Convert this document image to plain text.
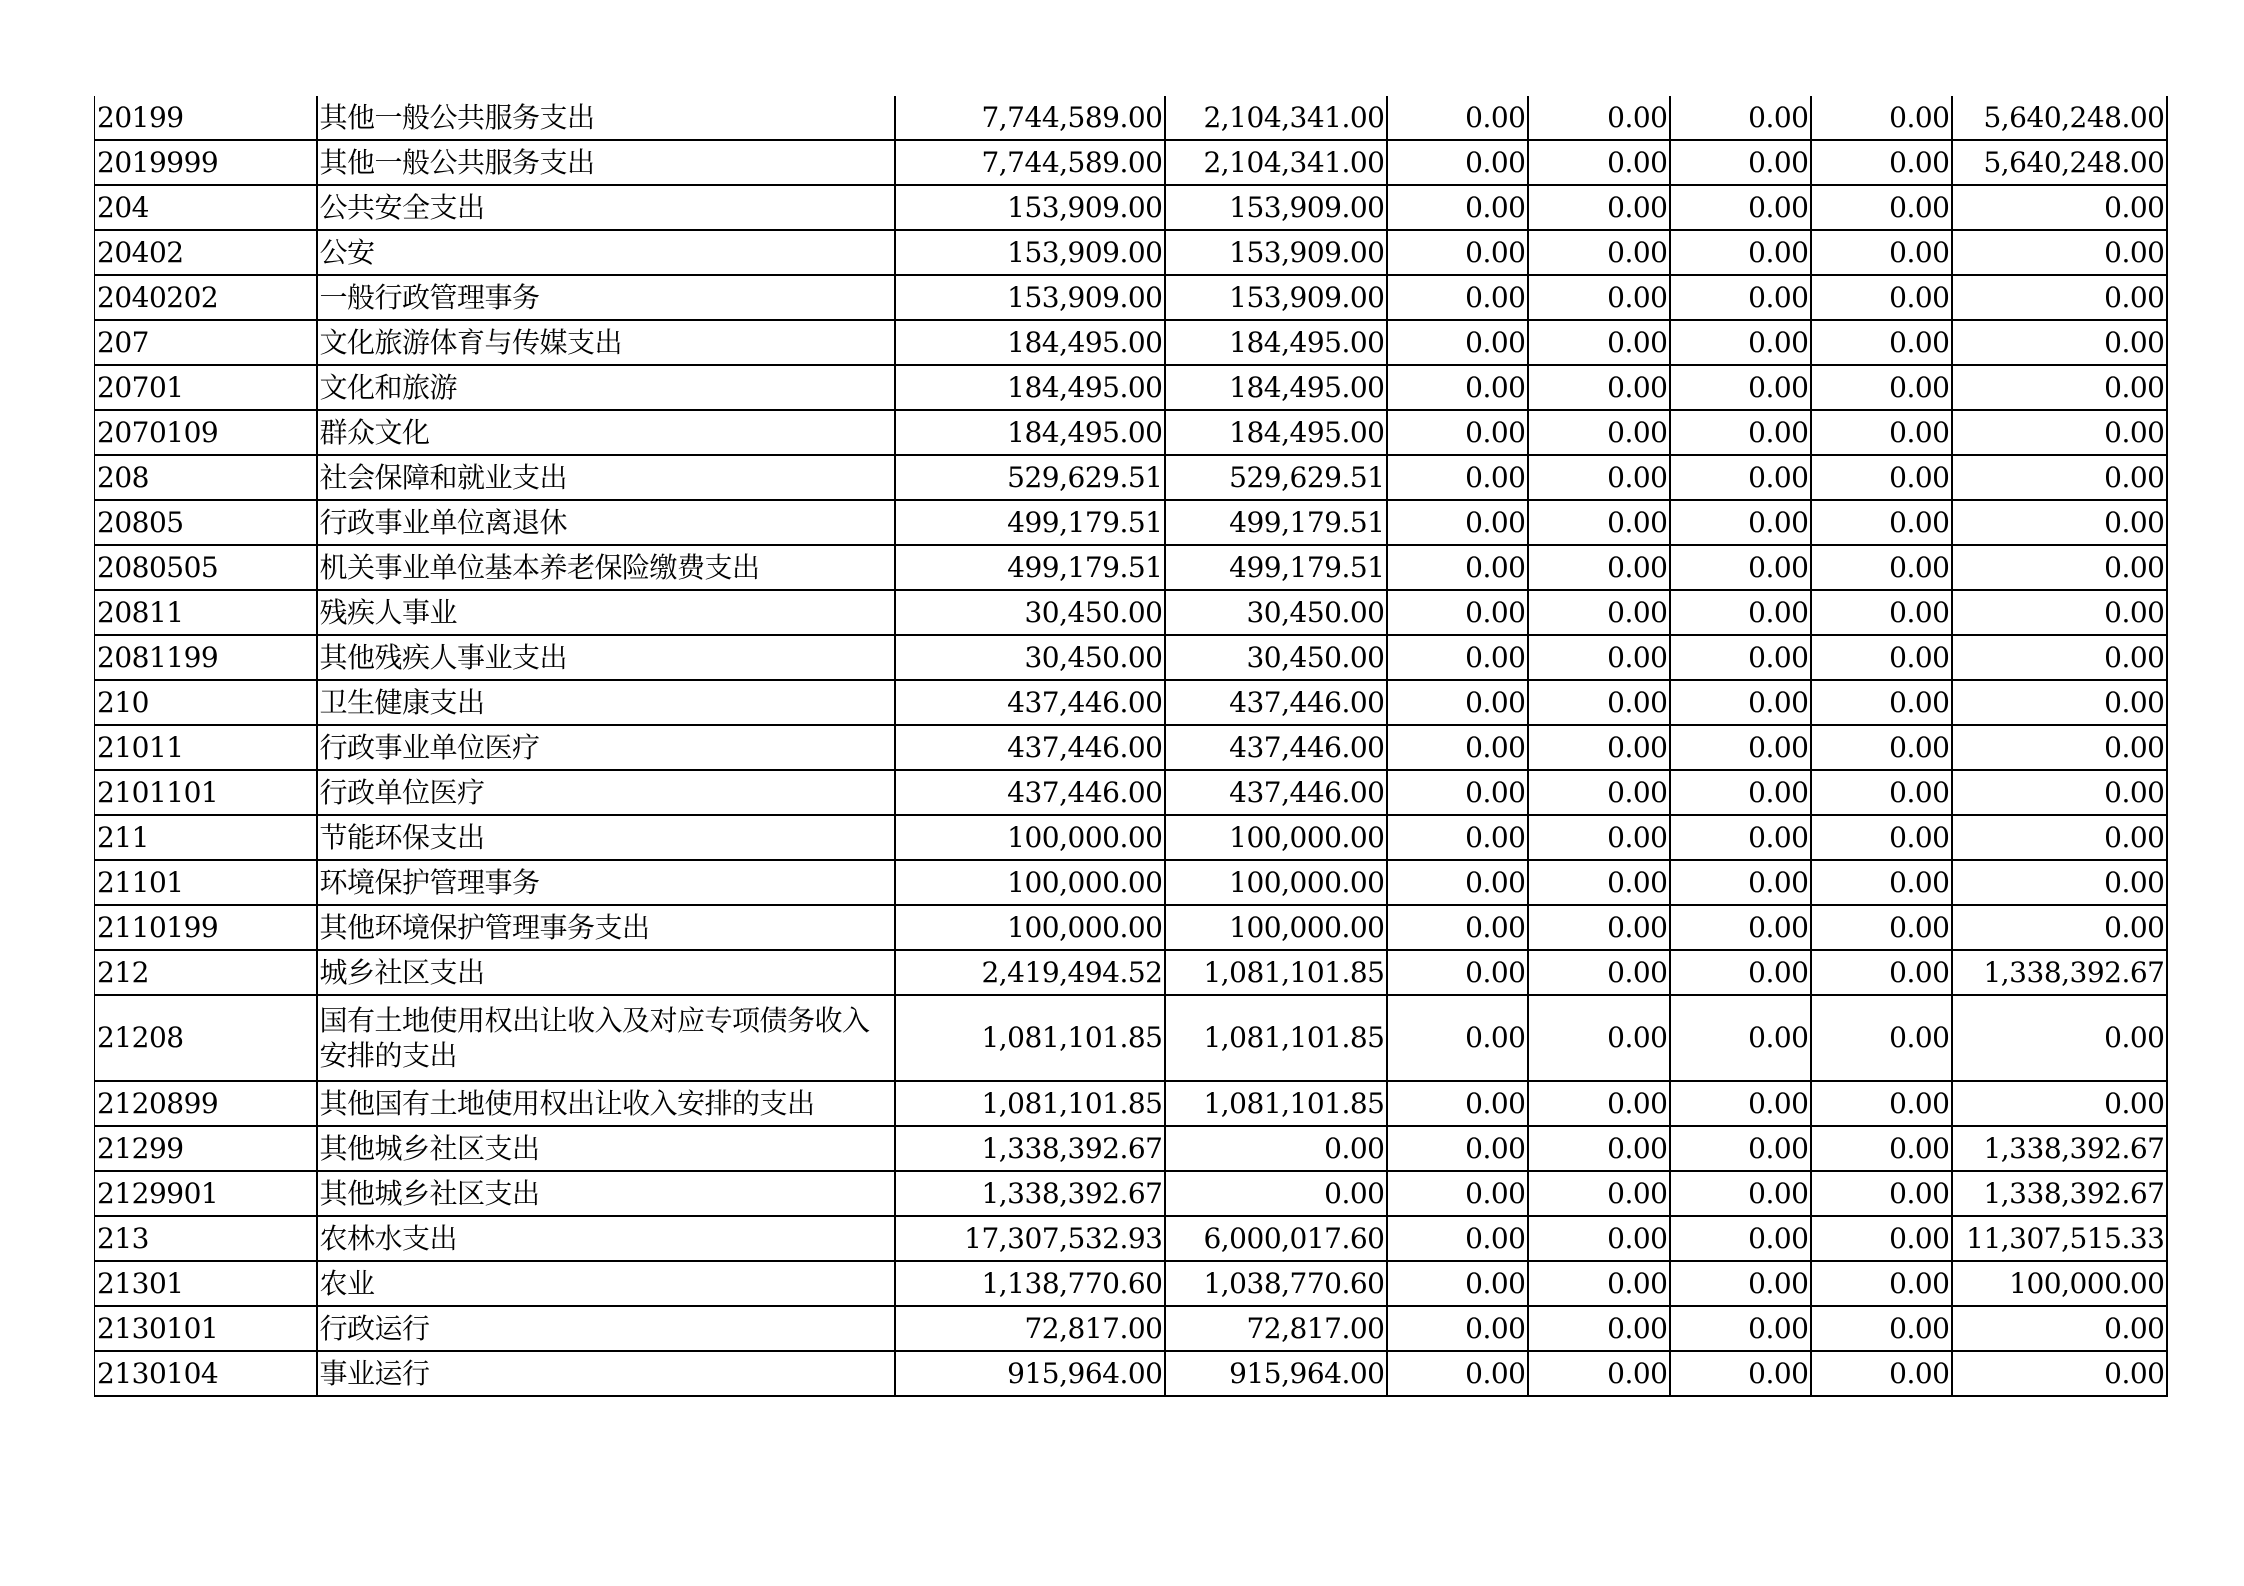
20199	其他一般公共服务支出	7,744,589.00	2,104,341.00	0.00	0.00	0.00	0.00	5,640,248.00
2019999	其他一般公共服务支出	7,744,589.00	2,104,341.00	0.00	0.00	0.00	0.00	5,640,248.00
204	公共安全支出	153,909.00	153,909.00	0.00	0.00	0.00	0.00	0.00
20402	公安	153,909.00	153,909.00	0.00	0.00	0.00	0.00	0.00
2040202	一般行政管理事务	153,909.00	153,909.00	0.00	0.00	0.00	0.00	0.00
207	文化旅游体育与传媒支出	184,495.00	184,495.00	0.00	0.00	0.00	0.00	0.00
20701	文化和旅游	184,495.00	184,495.00	0.00	0.00	0.00	0.00	0.00
2070109	群众文化	184,495.00	184,495.00	0.00	0.00	0.00	0.00	0.00
208	社会保障和就业支出	529,629.51	529,629.51	0.00	0.00	0.00	0.00	0.00
20805	行政事业单位离退休	499,179.51	499,179.51	0.00	0.00	0.00	0.00	0.00
2080505	机关事业单位基本养老保险缴费支出	499,179.51	499,179.51	0.00	0.00	0.00	0.00	0.00
20811	残疾人事业	30,450.00	30,450.00	0.00	0.00	0.00	0.00	0.00
2081199	其他残疾人事业支出	30,450.00	30,450.00	0.00	0.00	0.00	0.00	0.00
210	卫生健康支出	437,446.00	437,446.00	0.00	0.00	0.00	0.00	0.00
21011	行政事业单位医疗	437,446.00	437,446.00	0.00	0.00	0.00	0.00	0.00
2101101	行政单位医疗	437,446.00	437,446.00	0.00	0.00	0.00	0.00	0.00
211	节能环保支出	100,000.00	100,000.00	0.00	0.00	0.00	0.00	0.00
21101	环境保护管理事务	100,000.00	100,000.00	0.00	0.00	0.00	0.00	0.00
2110199	其他环境保护管理事务支出	100,000.00	100,000.00	0.00	0.00	0.00	0.00	0.00
212	城乡社区支出	2,419,494.52	1,081,101.85	0.00	0.00	0.00	0.00	1,338,392.67
21208	国有土地使用权出让收入及对应专项债务收入安排的支出	1,081,101.85	1,081,101.85	0.00	0.00	0.00	0.00	0.00
2120899	其他国有土地使用权出让收入安排的支出	1,081,101.85	1,081,101.85	0.00	0.00	0.00	0.00	0.00
21299	其他城乡社区支出	1,338,392.67	0.00	0.00	0.00	0.00	0.00	1,338,392.67
2129901	其他城乡社区支出	1,338,392.67	0.00	0.00	0.00	0.00	0.00	1,338,392.67
213	农林水支出	17,307,532.93	6,000,017.60	0.00	0.00	0.00	0.00	11,307,515.33
21301	农业	1,138,770.60	1,038,770.60	0.00	0.00	0.00	0.00	100,000.00
2130101	行政运行	72,817.00	72,817.00	0.00	0.00	0.00	0.00	0.00
2130104	事业运行	915,964.00	915,964.00	0.00	0.00	0.00	0.00	0.00
